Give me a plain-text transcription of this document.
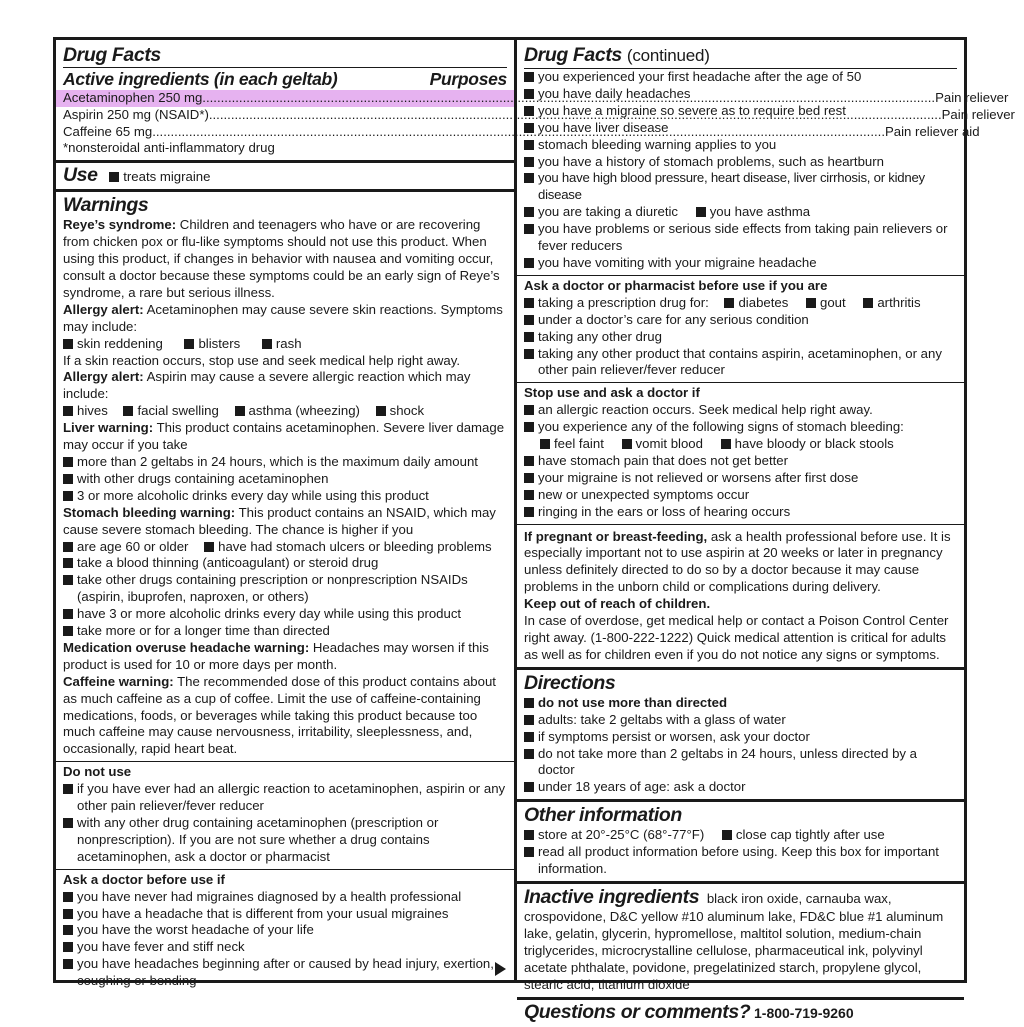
Drug Facts
Active ingredients (in each geltab)	Purposes
Acetaminophen 250 mg .....	Pain reliever
Aspirin 250 mg (NSAID*) .....	Pain reliever
Caffeine 65 mg .....	Pain reliever aid

*nonsteroidal anti-inflammatory drug

Use treats migraine
Warnings

Reye’s syndrome: Children and teenagers who have or are recovering from chicken pox or flu-like symptoms should not use this product. When using this product, if changes in behavior with nausea and vomiting occur, consult a doctor because these symptoms could be an early sign of Reye’s syndrome, a rare but serious illness.

Allergy alert: Acetaminophen may cause severe skin reactions. Symptoms may include:

skin reddening	blisters	rash

If a skin reaction occurs, stop use and seek medical help right away.

Allergy alert: Aspirin may cause a severe allergic reaction which may include:

hives facial swelling asthma (wheezing) shock

Liver warning: This product contains acetaminophen. Severe liver damage may occur if you take

more than 2 geltabs in 24 hours, which is the maximum daily amount

with other drugs containing acetaminophen

3 or more alcoholic drinks every day while using this product

Stomach bleeding warning: This product contains an NSAID, which may cause severe stomach bleeding. The chance is higher if you

are age 60 or older have had stomach ulcers or bleeding problems

take a blood thinning (anticoagulant) or steroid drug

take other drugs containing prescription or nonprescription NSAIDs (aspirin, ibuprofen, naproxen, or others)

have 3 or more alcoholic drinks every day while using this product

take more or for a longer time than directed

Medication overuse headache warning: Headaches may worsen if this product is used for 10 or more days per month.

Caffeine warning: The recommended dose of this product contains about as much caffeine as a cup of coffee. Limit the use of caffeine-containing medications, foods, or beverages while taking this product because too much caffeine may cause nervousness, irritability, sleeplessness, and, occasionally, rapid heart beat.

Do not use

if you have ever had an allergic reaction to acetaminophen, aspirin or any other pain reliever/fever reducer

with any other drug containing acetaminophen (prescription or nonprescription). If you are not sure whether a drug contains acetaminophen, ask a doctor or pharmacist

Ask a doctor before use if

you have never had migraines diagnosed by a health professional

you have a headache that is different from your usual migraines

you have the worst headache of your life you have fever and stiff neck

you have headaches beginning after or caused by head injury, exertion, coughing or bending

Drug Facts (continued)

you experienced your first headache after the age of 50

you have daily headaches

you have a migraine so severe as to require bed rest

you have liver disease

stomach bleeding warning applies to you

you have a history of stomach problems, such as heartburn

you have high blood pressure, heart disease, liver cirrhosis, or kidney disease

you are taking a diuretic you have asthma

you have problems or serious side effects from taking pain relievers or fever reducers

you have vomiting with your migraine headache

Ask a doctor or pharmacist before use if you are

taking a prescription drug for: diabetes gout arthritis

under a doctor’s care for any serious condition

taking any other drug

taking any other product that contains aspirin, acetaminophen, or any other pain reliever/fever reducer

Stop use and ask a doctor if

an allergic reaction occurs. Seek medical help right away.

you experience any of the following signs of stomach bleeding:

feel faint vomit blood have bloody or black stools

have stomach pain that does not get better

your migraine is not relieved or worsens after first dose

new or unexpected symptoms occur

ringing in the ears or loss of hearing occurs

If pregnant or breast-feeding, ask a health professional before use. It is especially important not to use aspirin at 20 weeks or later in pregnancy unless definitely directed to do so by a doctor because it may cause problems in the unborn child or complications during delivery.

Keep out of reach of children.

In case of overdose, get medical help or contact a Poison Control Center right away. (1-800-222-1222) Quick medical attention is critical for adults as well as for children even if you do not notice any signs or symptoms.

Directions

do not use more than directed

adults: take 2 geltabs with a glass of water

if symptoms persist or worsen, ask your doctor

do not take more than 2 geltabs in 24 hours, unless directed by a doctor

under 18 years of age: ask a doctor

Other information

store at 20°-25°C (68°-77°F) close cap tightly after use

read all product information before using. Keep this box for important information.

Inactive ingredients black iron oxide, carnauba wax, crospovidone, D&C yellow #10 aluminum lake, FD&C blue #1 aluminum lake, gelatin, glycerin, hypromellose, maltitol solution, medium-chain triglycerides, microcrystalline cellulose, pharmaceutical ink, polyvinyl acetate phthalate, povidone, pregelatinized starch, propylene glycol, stearic acid, titanium dioxide

Questions or comments? 1-800-719-9260
